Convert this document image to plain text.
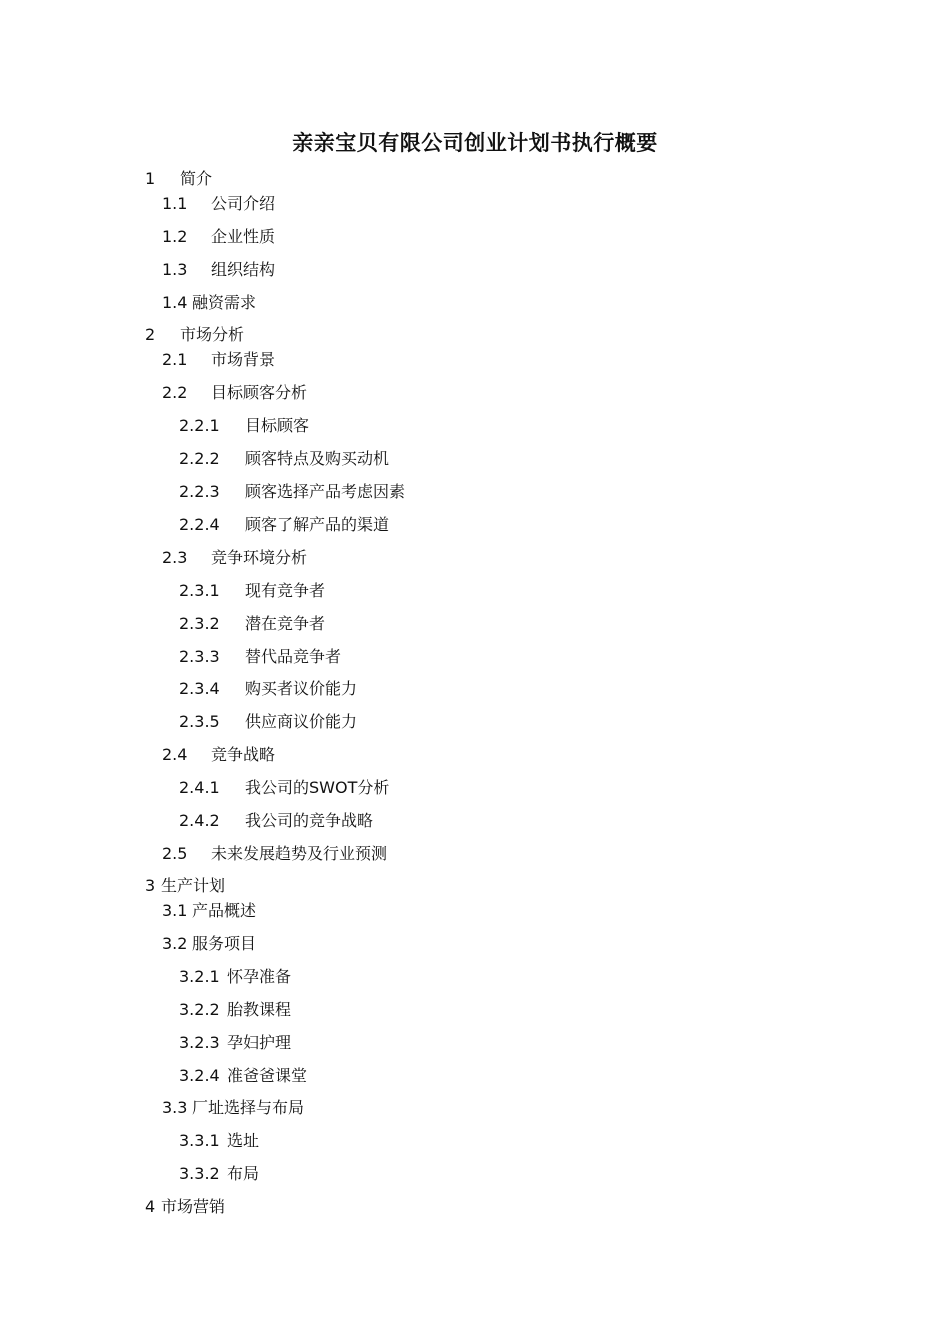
亲亲宝贝有限公司创业计划书执行概要
1 简介
1.1 公司介绍
1.2 企业性质
1.3 组织结构
1.4 融资需求
2 市场分析
2.1 市场背景
2.2 目标顾客分析
2.2.1 目标顾客
2.2.2 顾客特点及购买动机
2.2.3 顾客选择产品考虑因素
2.2.4 顾客了解产品的渠道
2.3 竞争环境分析
2.3.1 现有竞争者
2.3.2 潜在竞争者
2.3.3 替代品竞争者
2.3.4 购买者议价能力
2.3.5 供应商议价能力
2.4 竞争战略
2.4.1 我公司的SWOT分析
2.4.2 我公司的竞争战略
2.5 未来发展趋势及行业预测
3 生产计划
3.1 产品概述
3.2 服务项目
3.2.1 怀孕准备
3.2.2 胎教课程
3.2.3 孕妇护理
3.2.4 准爸爸课堂
3.3 厂址选择与布局
3.3.1 选址
3.3.2 布局
4 市场营销
